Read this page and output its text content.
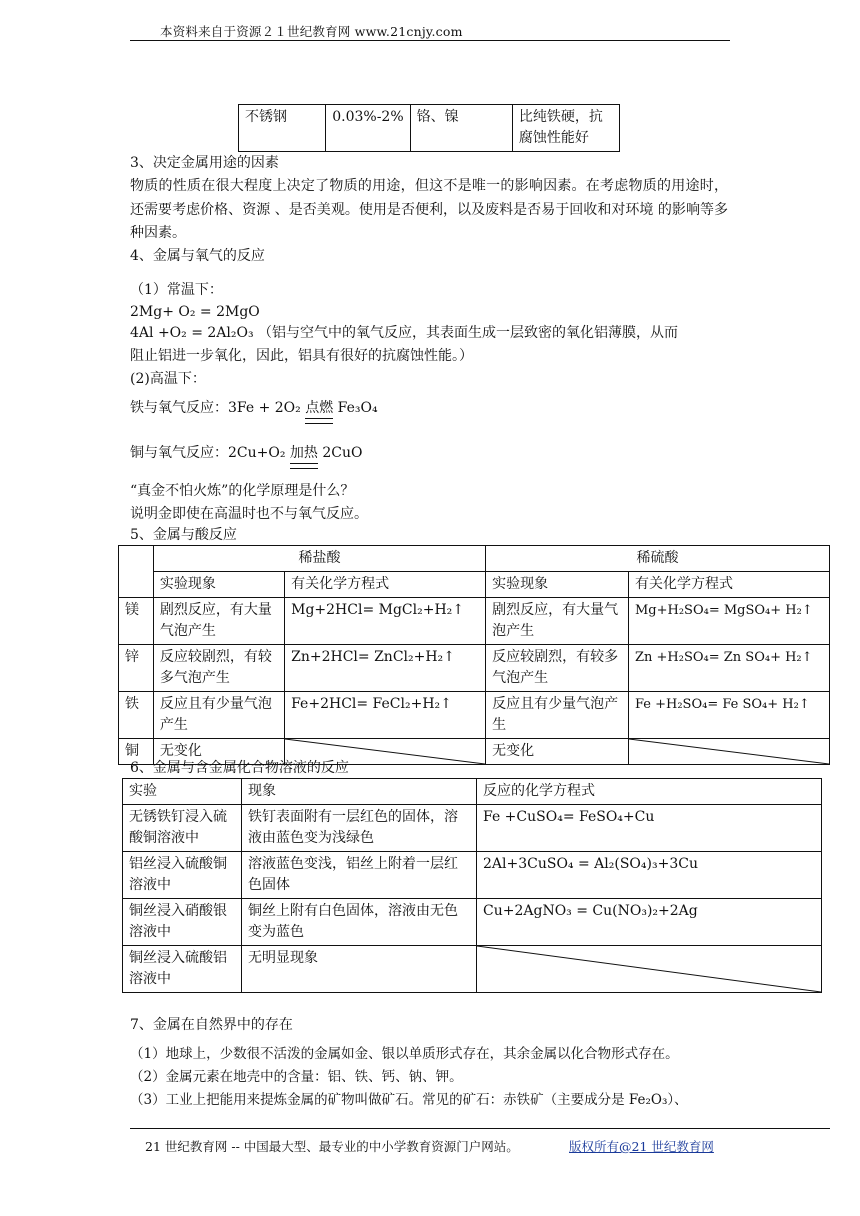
本资料来自于资源２１世纪教育网 www.21cnjy.com
不锈钢	0.03%-2%	铬、镍	比纯铁硬，抗腐蚀性能好
3、决定金属用途的因素
物质的性质在很大程度上决定了物质的用途，但这不是唯一的影响因素。在考虑物质的用途时，还需要考虑价格、资源 、是否美观。使用是否便利，以及废料是否易于回收和对环境 的影响等多种因素。
4、金属与氧气的反应
（1）常温下：
2Mg+ O₂ = 2MgO
4Al +O₂ = 2Al₂O₃ （铝与空气中的氧气反应，其表面生成一层致密的氧化铝薄膜，从而
阻止铝进一步氧化，因此，铝具有很好的抗腐蚀性能。）
(2)高温下：
铁与氧气反应：3Fe + 2O₂ 点燃 Fe₃O₄
铜与氧气反应：2Cu+O₂ 加热 2CuO
“真金不怕火炼”的化学原理是什么？
说明金即使在高温时也不与氧气反应。
5、金属与酸反应
	稀盐酸		稀硫酸	
	实验现象	有关化学方程式	实验现象	有关化学方程式
镁	剧烈反应，有大量气泡产生	Mg+2HCl= MgCl₂+H₂↑	剧烈反应，有大量气泡产生	Mg+H₂SO₄= MgSO₄+ H₂↑
锌	反应较剧烈，有较多气泡产生	Zn+2HCl= ZnCl₂+H₂↑	反应较剧烈，有较多气泡产生	Zn +H₂SO₄= Zn SO₄+ H₂↑
铁	反应且有少量气泡产生	Fe+2HCl= FeCl₂+H₂↑	反应且有少量气泡产生	Fe +H₂SO₄= Fe SO₄+ H₂↑
铜	无变化		无变化	

6、金属与含金属化合物溶液的反应
实验	现象	反应的化学方程式
无锈铁钉浸入硫酸铜溶液中	铁钉表面附有一层红色的固体，溶液由蓝色变为浅绿色	Fe +CuSO₄= FeSO₄+Cu
铝丝浸入硫酸铜溶液中	溶液蓝色变浅，铝丝上附着一层红色固体	2Al+3CuSO₄ = Al₂(SO₄)₃+3Cu
铜丝浸入硝酸银溶液中	铜丝上附有白色固体，溶液由无色变为蓝色	Cu+2AgNO₃ = Cu(NO₃)₂+2Ag
铜丝浸入硫酸铝溶液中	无明显现象	

7、金属在自然界中的存在
（1）地球上，少数很不活泼的金属如金、银以单质形式存在，其余金属以化合物形式存在。
（2）金属元素在地壳中的含量：铝、铁、钙、钠、钾。
（3）工业上把能用来提炼金属的矿物叫做矿石。常见的矿石：赤铁矿（主要成分是 Fe₂O₃）、
21 世纪教育网 -- 中国最大型、最专业的中小学教育资源门户网站。	版权所有@21 世纪教育网
